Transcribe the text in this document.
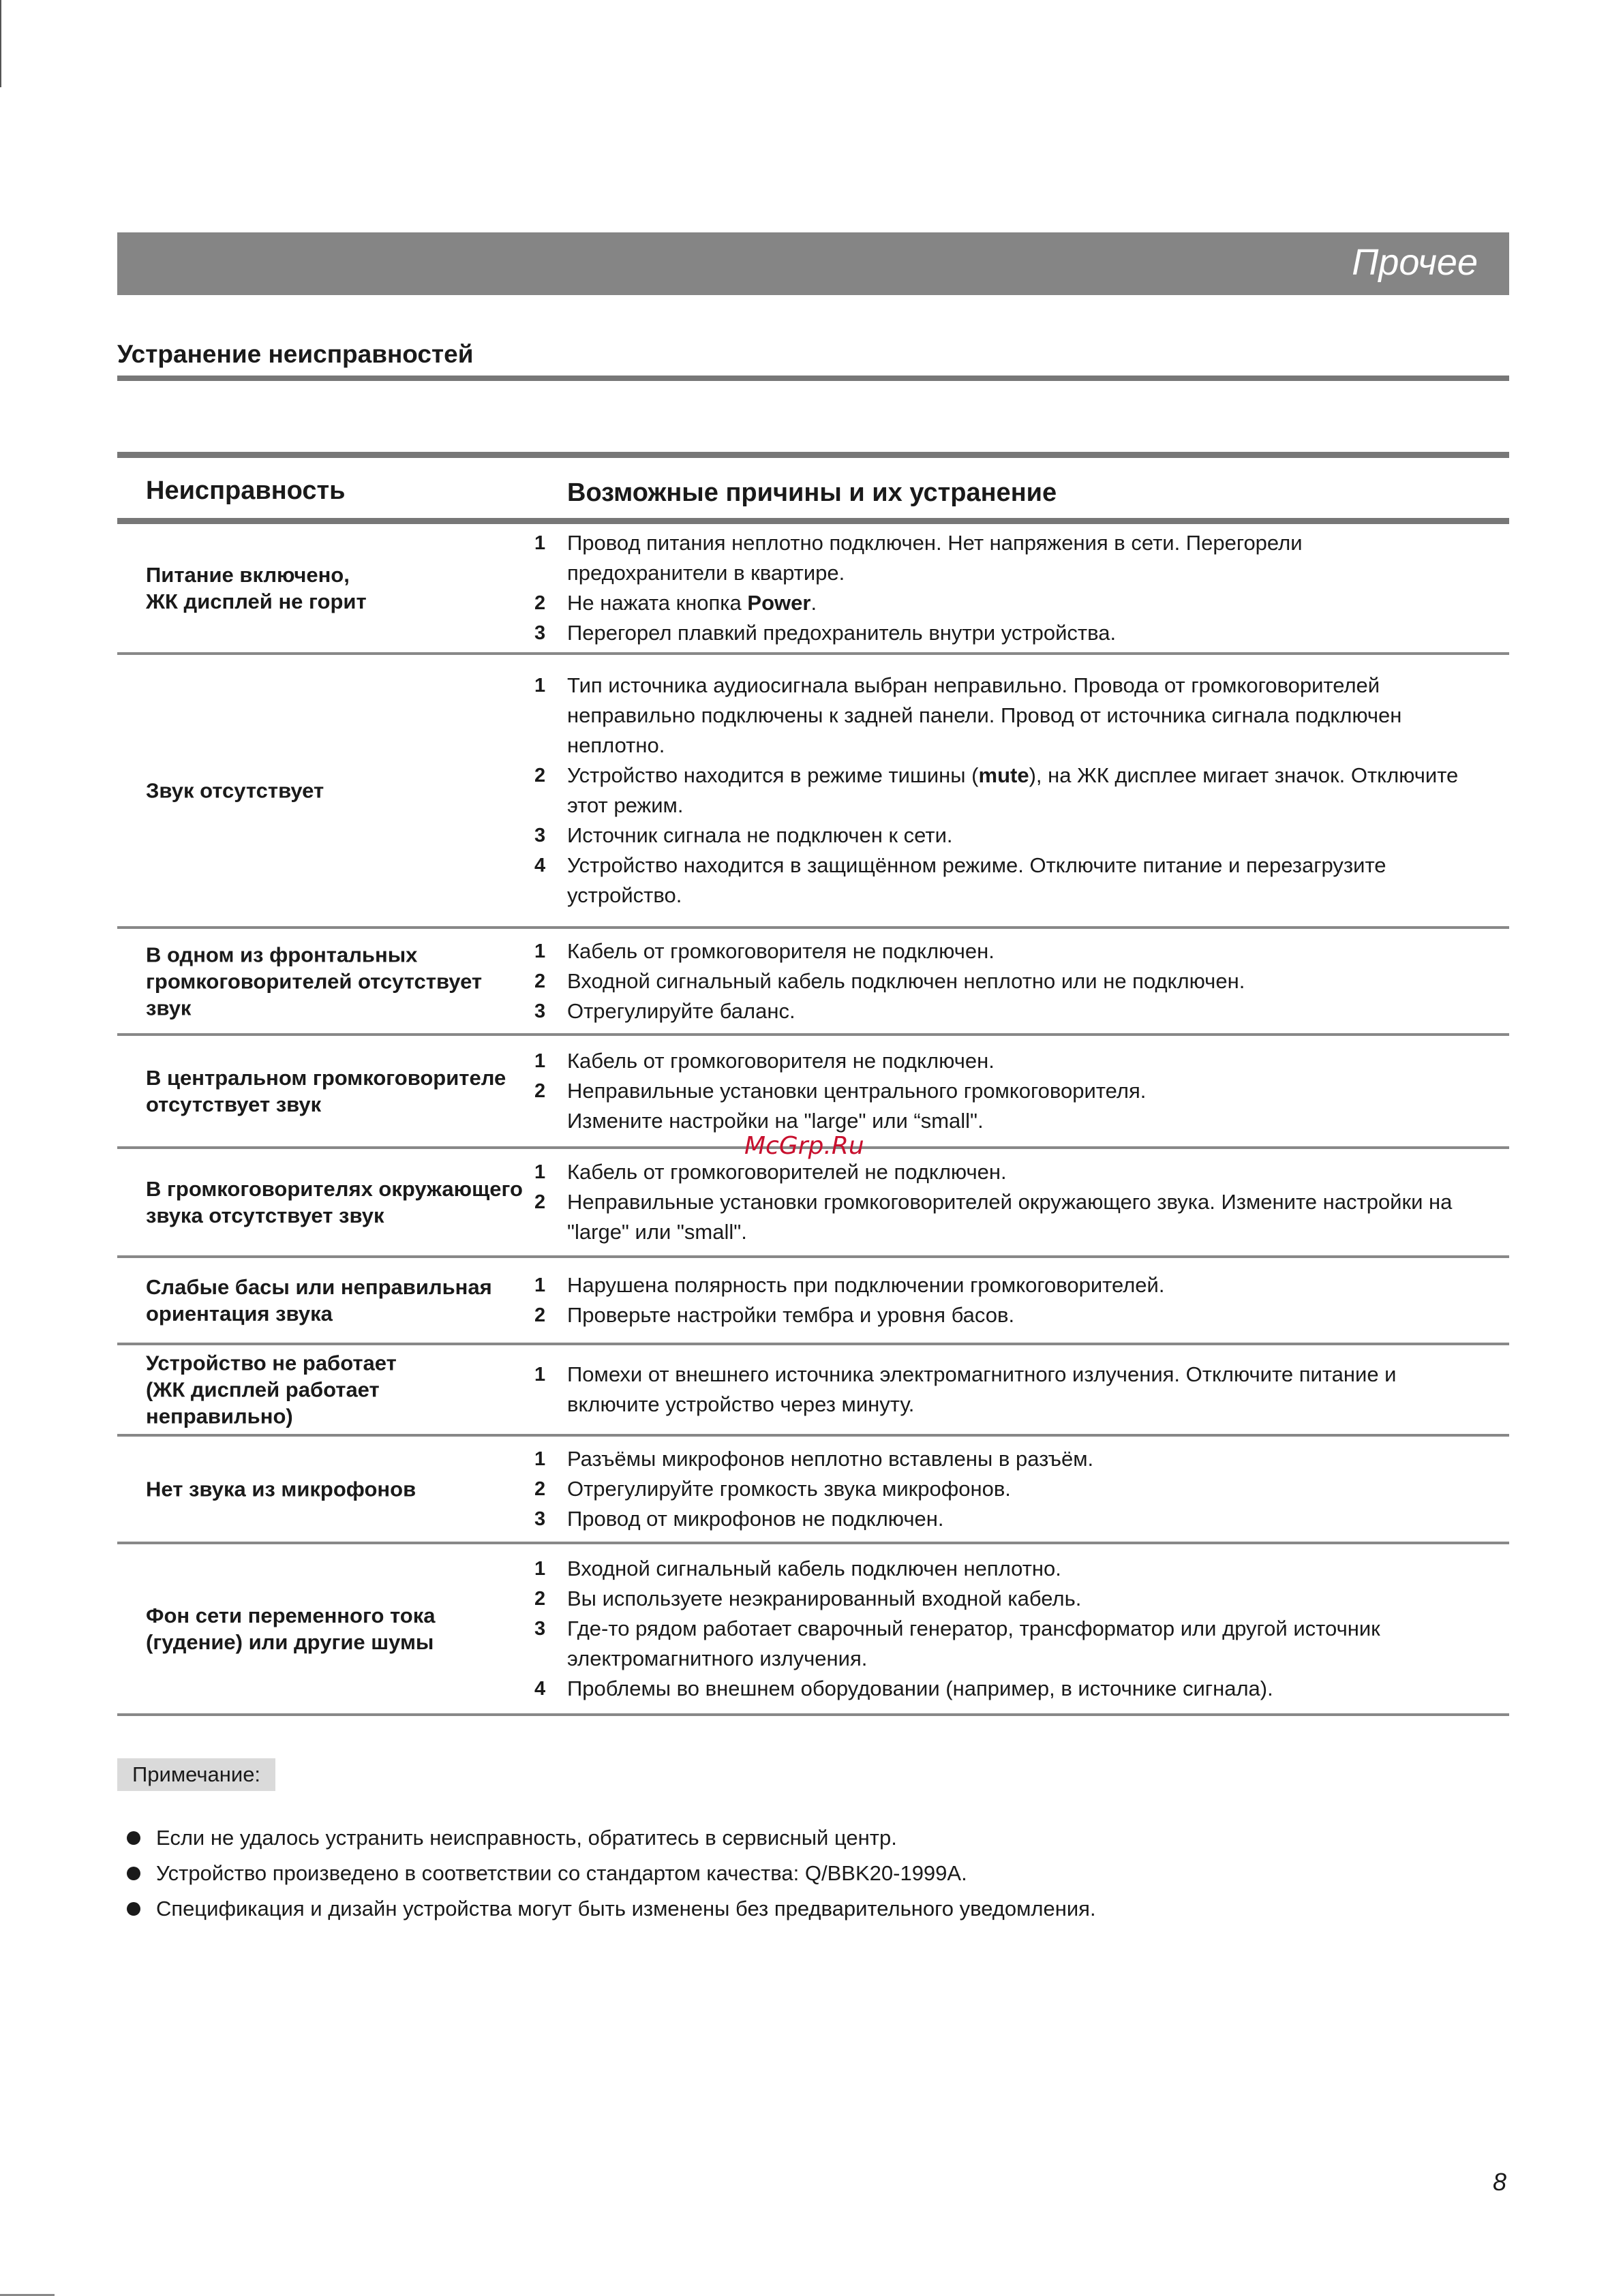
Прочее
Устранение неисправностей
Неисправность	Возможные причины и их устранение
Питание включено,
ЖК дисплей не горит
1	Провод питания неплотно подключен. Нет напряжения в сети. Перегорели предохранители в квартире.
2	Не нажата кнопка Power.
3	Перегорел плавкий предохранитель внутри устройства.
Звук отсутствует
1	Тип источника аудиосигнала выбран неправильно. Провода от громкоговорителей неправильно подключены к задней панели. Провод от источника сигнала подключен неплотно.
2	Устройство находится в режиме тишины (mute), на ЖК дисплее мигает значок. Отключите этот режим.
3	Источник сигнала не подключен к сети.
4	Устройство находится в защищённом режиме. Отключите питание и перезагрузите устройство.
В одном из фронтальных громкоговорителей отсутствует звук
1	Кабель от громкоговорителя не подключен.
2	Входной сигнальный кабель подключен неплотно или не подключен.
3	Отрегулируйте баланс.
В центральном громкоговорителе отсутствует звук
1	Кабель от громкоговорителя не подключен.
2	Неправильные установки центрального громкоговорителя.
Измените настройки на "large" или “small".
В громкоговорителях окружающего звука отсутствует звук
1	Кабель от громкоговорителей не подключен.
2	Неправильные установки громкоговорителей окружающего звука. Измените настройки на "large" или "small".
Слабые басы или неправильная ориентация звука
1	Нарушена полярность при подключении громкоговорителей.
2	Проверьте настройки тембра и уровня басов.
Устройство не работает
(ЖК дисплей работает неправильно)
1	Помехи от внешнего источника электромагнитного излучения. Отключите питание и включите устройство через минуту.
Нет звука из микрофонов
1	Разъёмы микрофонов неплотно вставлены в разъём.
2	Отрегулируйте громкость звука микрофонов.
3	Провод от микрофонов не подключен.
Фон сети переменного тока
(гудение) или другие шумы
1	Входной сигнальный кабель подключен неплотно.
2	Вы используете неэкранированный входной кабель.
3	Где-то рядом работает сварочный генератор, трансформатор или другой источник электромагнитного излучения.
4	Проблемы во внешнем оборудовании (например, в источнике сигнала).
McGrp.Ru
Примечание:
Если не удалось устранить неисправность, обратитесь в сервисный центр.
Устройство произведено в соответствии со стандартом качества: Q/BBK20-1999A.
Спецификация и дизайн устройства могут быть изменены без предварительного уведомления.
8
